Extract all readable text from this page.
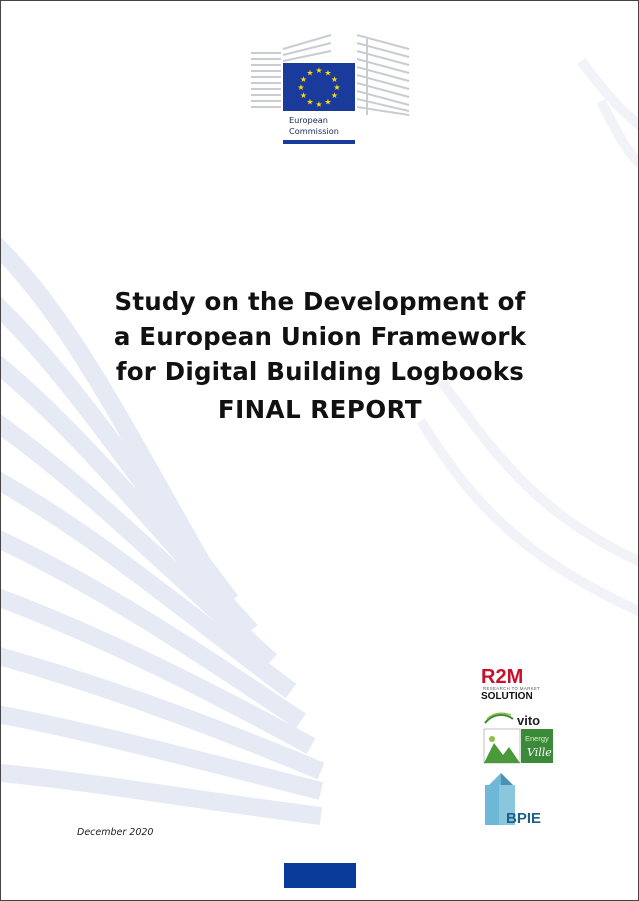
★ ★
★
★
★
★
★
★
★
★
★
★
European
Commission
Study on the Development of
a European Union Framework
for Digital Building Logbooks
FINAL REPORT
December 2020
R2M
RESEARCH TO MARKET
SOLUTION
vito
Energy
Ville
BPIE
